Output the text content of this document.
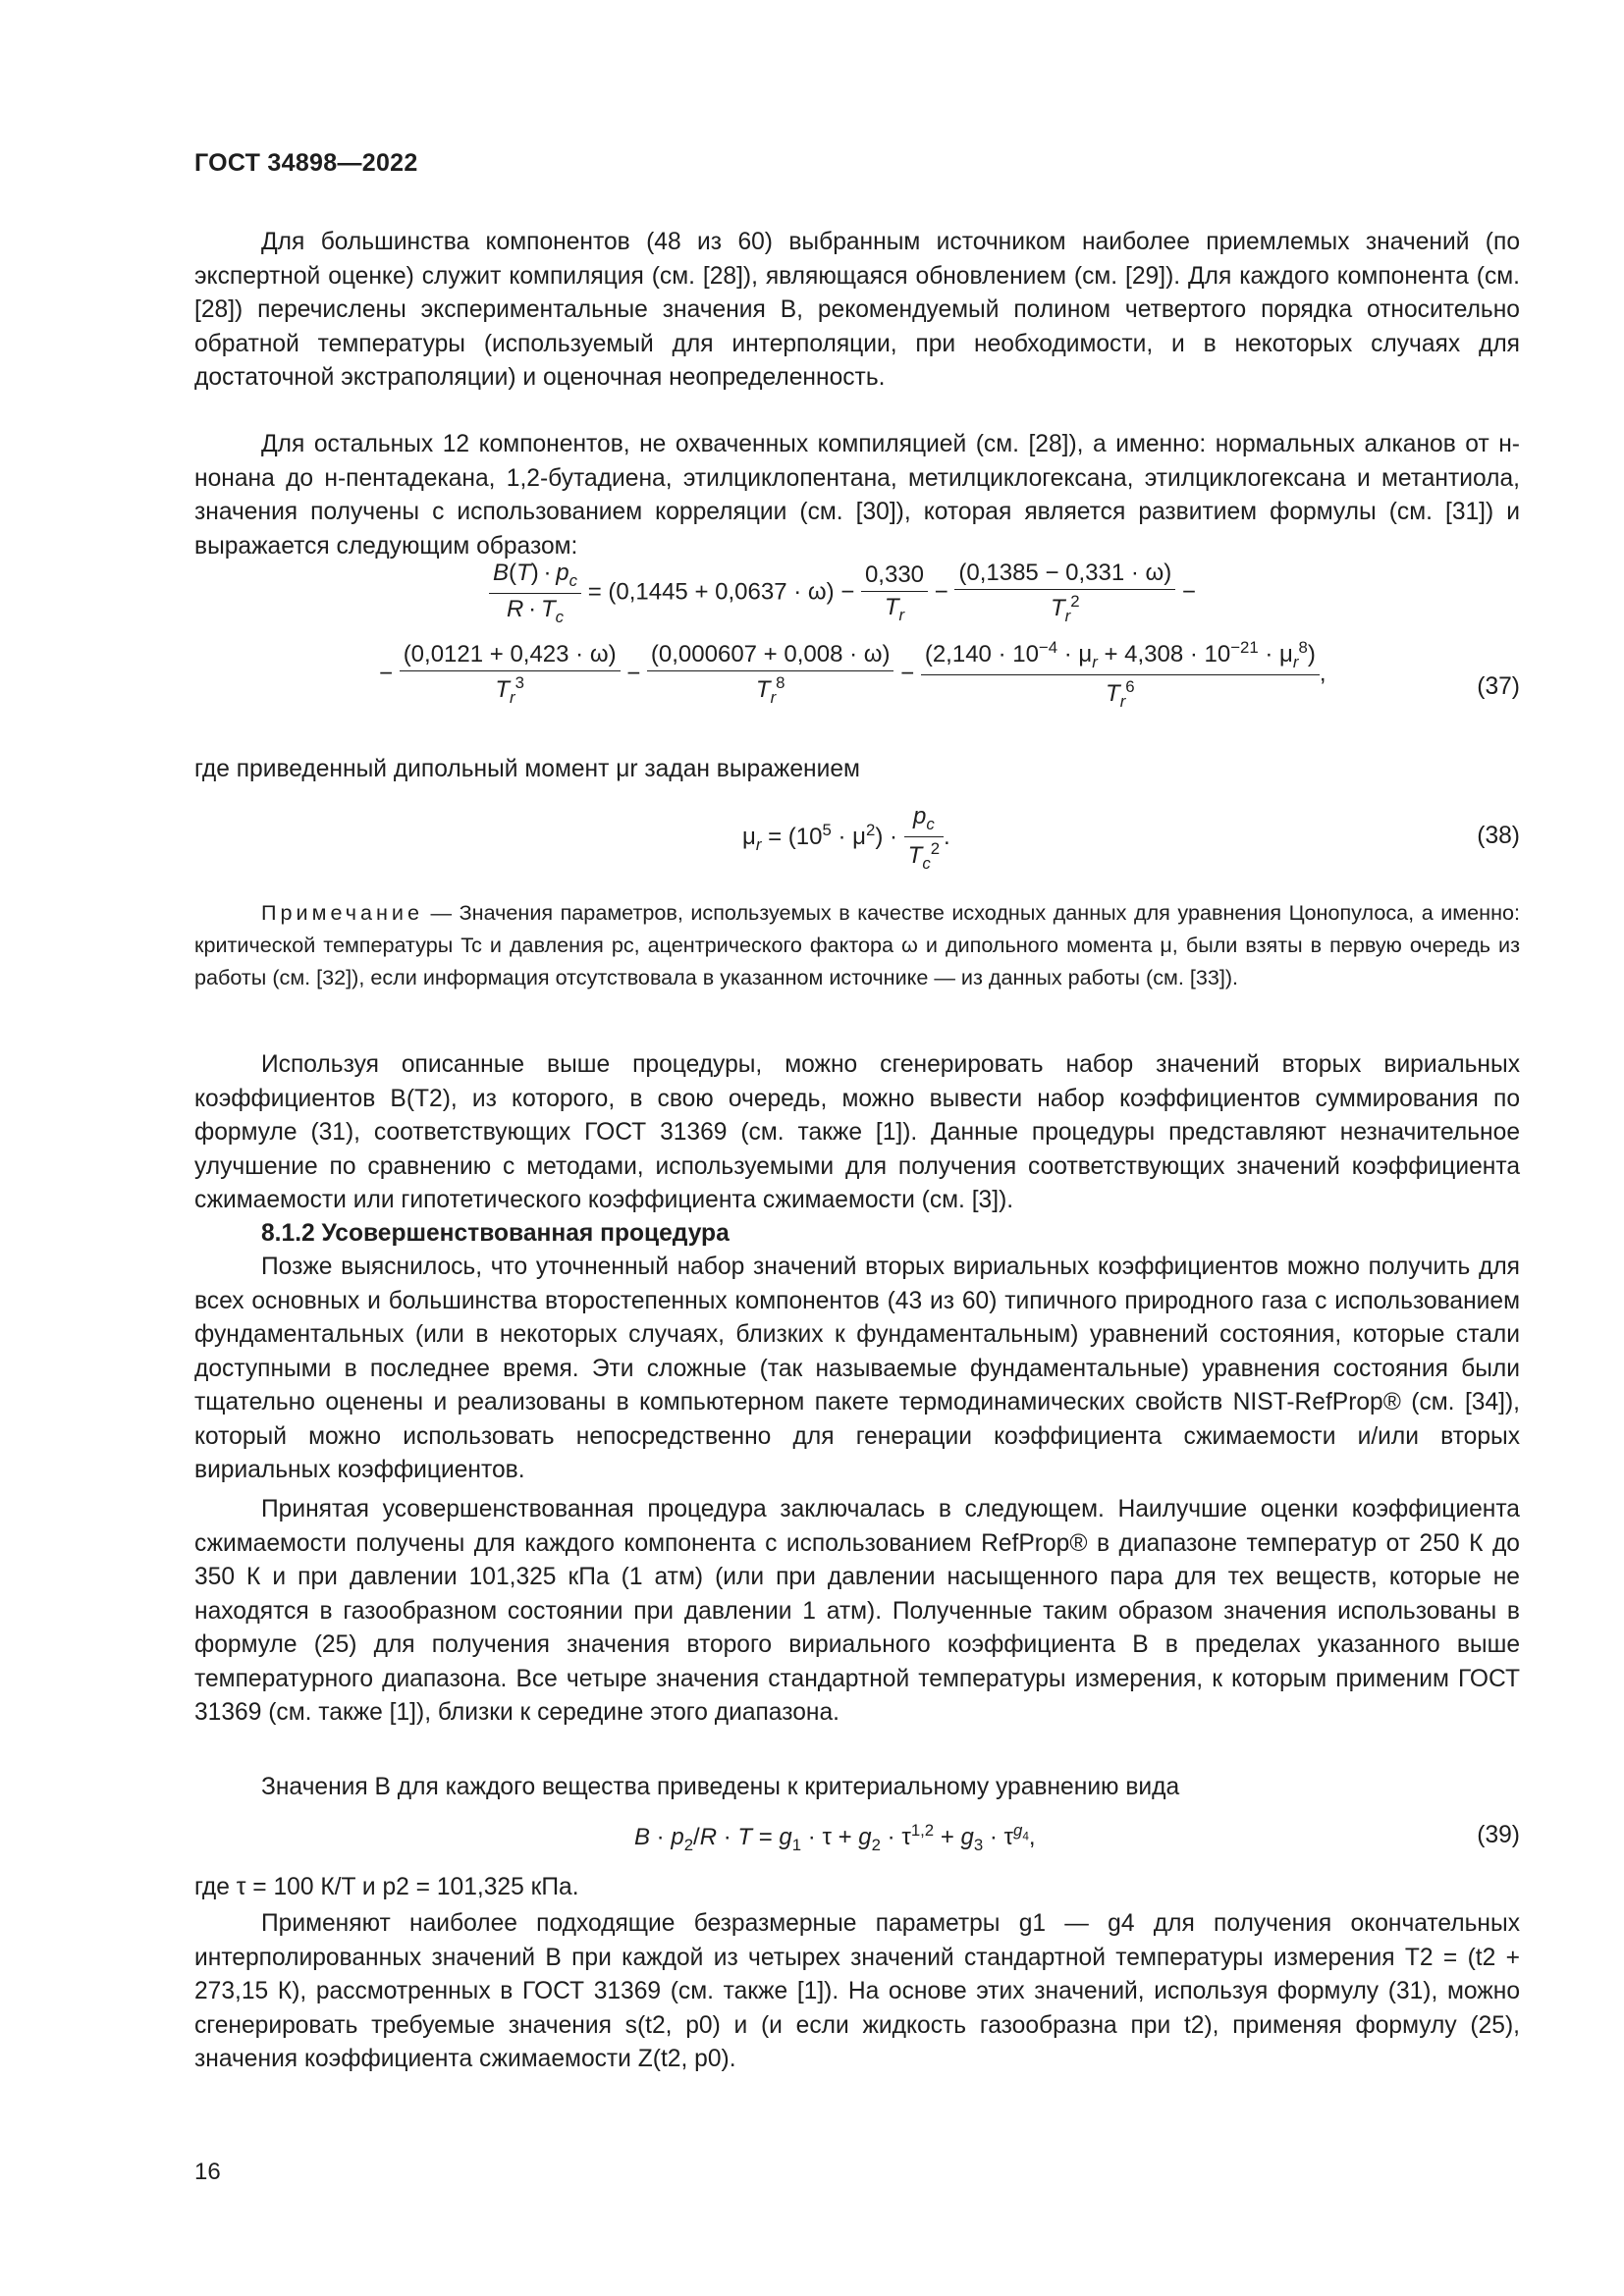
ГОСТ 34898—2022
Для большинства компонентов (48 из 60) выбранным источником наиболее приемлемых значений (по экспертной оценке) служит компиляция (см. [28]), являющаяся обновлением (см. [29]). Для каждого компонента (см. [28]) перечислены экспериментальные значения B, рекомендуемый полином четвертого порядка относительно обратной температуры (используемый для интерполяции, при необходимости, и в некоторых случаях для достаточной экстраполяции) и оценочная неопределенность.
Для остальных 12 компонентов, не охваченных компиляцией (см. [28]), а именно: нормальных алканов от н-нонана до н-пентадекана, 1,2-бутадиена, этилциклопентана, метилциклогексана, этилциклогексана и метантиола, значения получены с использованием корреляции (см. [30]), которая является развитием формулы (см. [31]) и выражается следующим образом:
$\frac{B(T) \cdot p_c}{R \cdot T_c} = (0,1445 + 0,0637 \cdot \omega) - \frac{0,330}{T_r} - \frac{(0,1385 - 0,331 \cdot \omega)}{T_r^2}$ −
− $\frac{(0,0121 + 0,423 \cdot \omega)}{T_r^3} - \frac{(0,000607 + 0,008 \cdot \omega)}{T_r^8} - \frac{(2,140 \cdot 10^{-4} \cdot \mu_r + 4,308 \cdot 10^{-21} \cdot \mu_r^8)}{T_r^6}$ ,	(37)
где приведенный дипольный момент μr задан выражением
$\mu_r = (10^5 \cdot \mu^2) \cdot \frac{p_c}{T_c^2}$ .	(38)
Примечание — Значения параметров, используемых в качестве исходных данных для уравнения Цонопулоса, а именно: критической температуры Tc и давления pc, ацентрического фактора ω и дипольного момента μ, были взяты в первую очередь из работы (см. [32]), если информация отсутствовала в указанном источнике — из данных работы (см. [33]).
Используя описанные выше процедуры, можно сгенерировать набор значений вторых вириальных коэффициентов B(T2), из которого, в свою очередь, можно вывести набор коэффициентов суммирования по формуле (31), соответствующих ГОСТ 31369 (см. также [1]). Данные процедуры представляют незначительное улучшение по сравнению с методами, используемыми для получения соответствующих значений коэффициента сжимаемости или гипотетического коэффициента сжимаемости (см. [3]).
8.1.2 Усовершенствованная процедура
Позже выяснилось, что уточненный набор значений вторых вириальных коэффициентов можно получить для всех основных и большинства второстепенных компонентов (43 из 60) типичного природного газа с использованием фундаментальных (или в некоторых случаях, близких к фундаментальным) уравнений состояния, которые стали доступными в последнее время. Эти сложные (так называемые фундаментальные) уравнения состояния были тщательно оценены и реализованы в компьютерном пакете термодинамических свойств NIST-RefProp® (см. [34]), который можно использовать непосредственно для генерации коэффициента сжимаемости и/или вторых вириальных коэффициентов.
Принятая усовершенствованная процедура заключалась в следующем. Наилучшие оценки коэффициента сжимаемости получены для каждого компонента с использованием RefProp® в диапазоне температур от 250 К до 350 К и при давлении 101,325 кПа (1 атм) (или при давлении насыщенного пара для тех веществ, которые не находятся в газообразном состоянии при давлении 1 атм). Полученные таким образом значения использованы в формуле (25) для получения значения второго вириального коэффициента B в пределах указанного выше температурного диапазона. Все четыре значения стандартной температуры измерения, к которым применим ГОСТ 31369 (см. также [1]), близки к середине этого диапазона.
Значения B для каждого вещества приведены к критериальному уравнению вида
$B \cdot p_2/R \cdot T = g_1 \cdot \tau + g_2 \cdot \tau^{1,2} + g_3 \cdot \tau^{g_4}$,	(39)
где τ = 100 К/T и p2 = 101,325 кПа.
Применяют наиболее подходящие безразмерные параметры g1 — g4 для получения окончательных интерполированных значений B при каждой из четырех значений стандартной температуры измерения T2 = (t2 + 273,15 К), рассмотренных в ГОСТ 31369 (см. также [1]). На основе этих значений, используя формулу (31), можно сгенерировать требуемые значения s(t2, p0) и (и если жидкость газообразна при t2), применяя формулу (25), значения коэффициента сжимаемости Z(t2, p0).
16
